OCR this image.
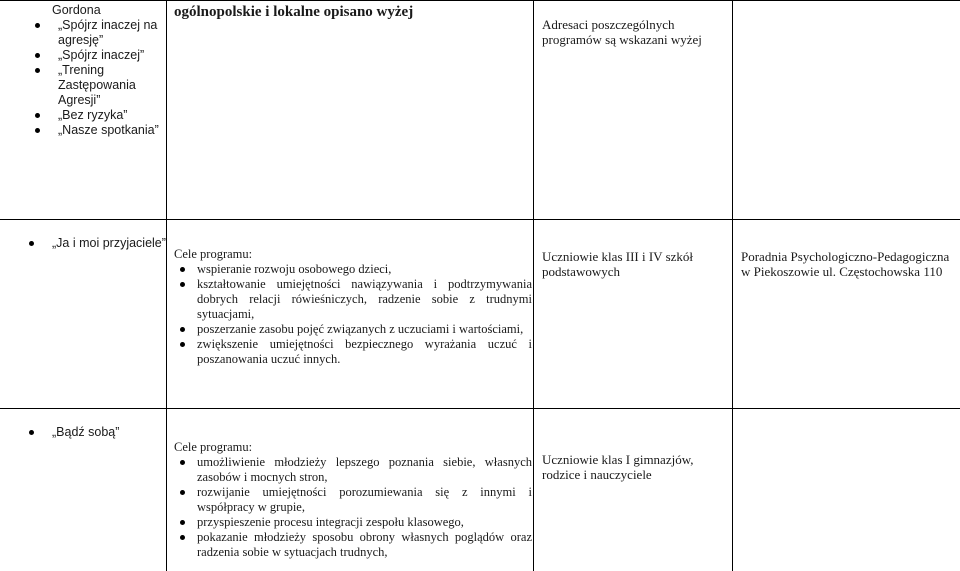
Gordona
„Spójrz inaczej na agresję”
„Spójrz inaczej”
„Trening Zastępowania Agresji”
„Bez ryzyka”
„Nasze spotkania”
ogólnopolskie i lokalne opisano wyżej
Adresaci poszczególnych programów są wskazani wyżej
„Ja i moi przyjaciele”
Cele programu:
wspieranie rozwoju osobowego dzieci,
kształtowanie umiejętności nawiązywania i podtrzymywania dobrych relacji rówieśniczych, radzenie sobie z trudnymi sytuacjami,
poszerzanie zasobu pojęć związanych z uczuciami i wartościami,
zwiększenie umiejętności bezpiecznego wyrażania uczuć i poszanowania uczuć innych.
Uczniowie klas III i IV szkół podstawowych
Poradnia Psychologiczno-Pedagogiczna w Piekoszowie ul. Częstochowska 110
„Bądź sobą”
Cele programu:
umożliwienie młodzieży lepszego poznania siebie, własnych zasobów i mocnych stron,
rozwijanie umiejętności porozumiewania się z innymi i współpracy w grupie,
przyspieszenie procesu integracji zespołu klasowego,
pokazanie młodzieży sposobu obrony własnych poglądów oraz radzenia sobie w sytuacjach trudnych,
Uczniowie klas I gimnazjów, rodzice i nauczyciele
